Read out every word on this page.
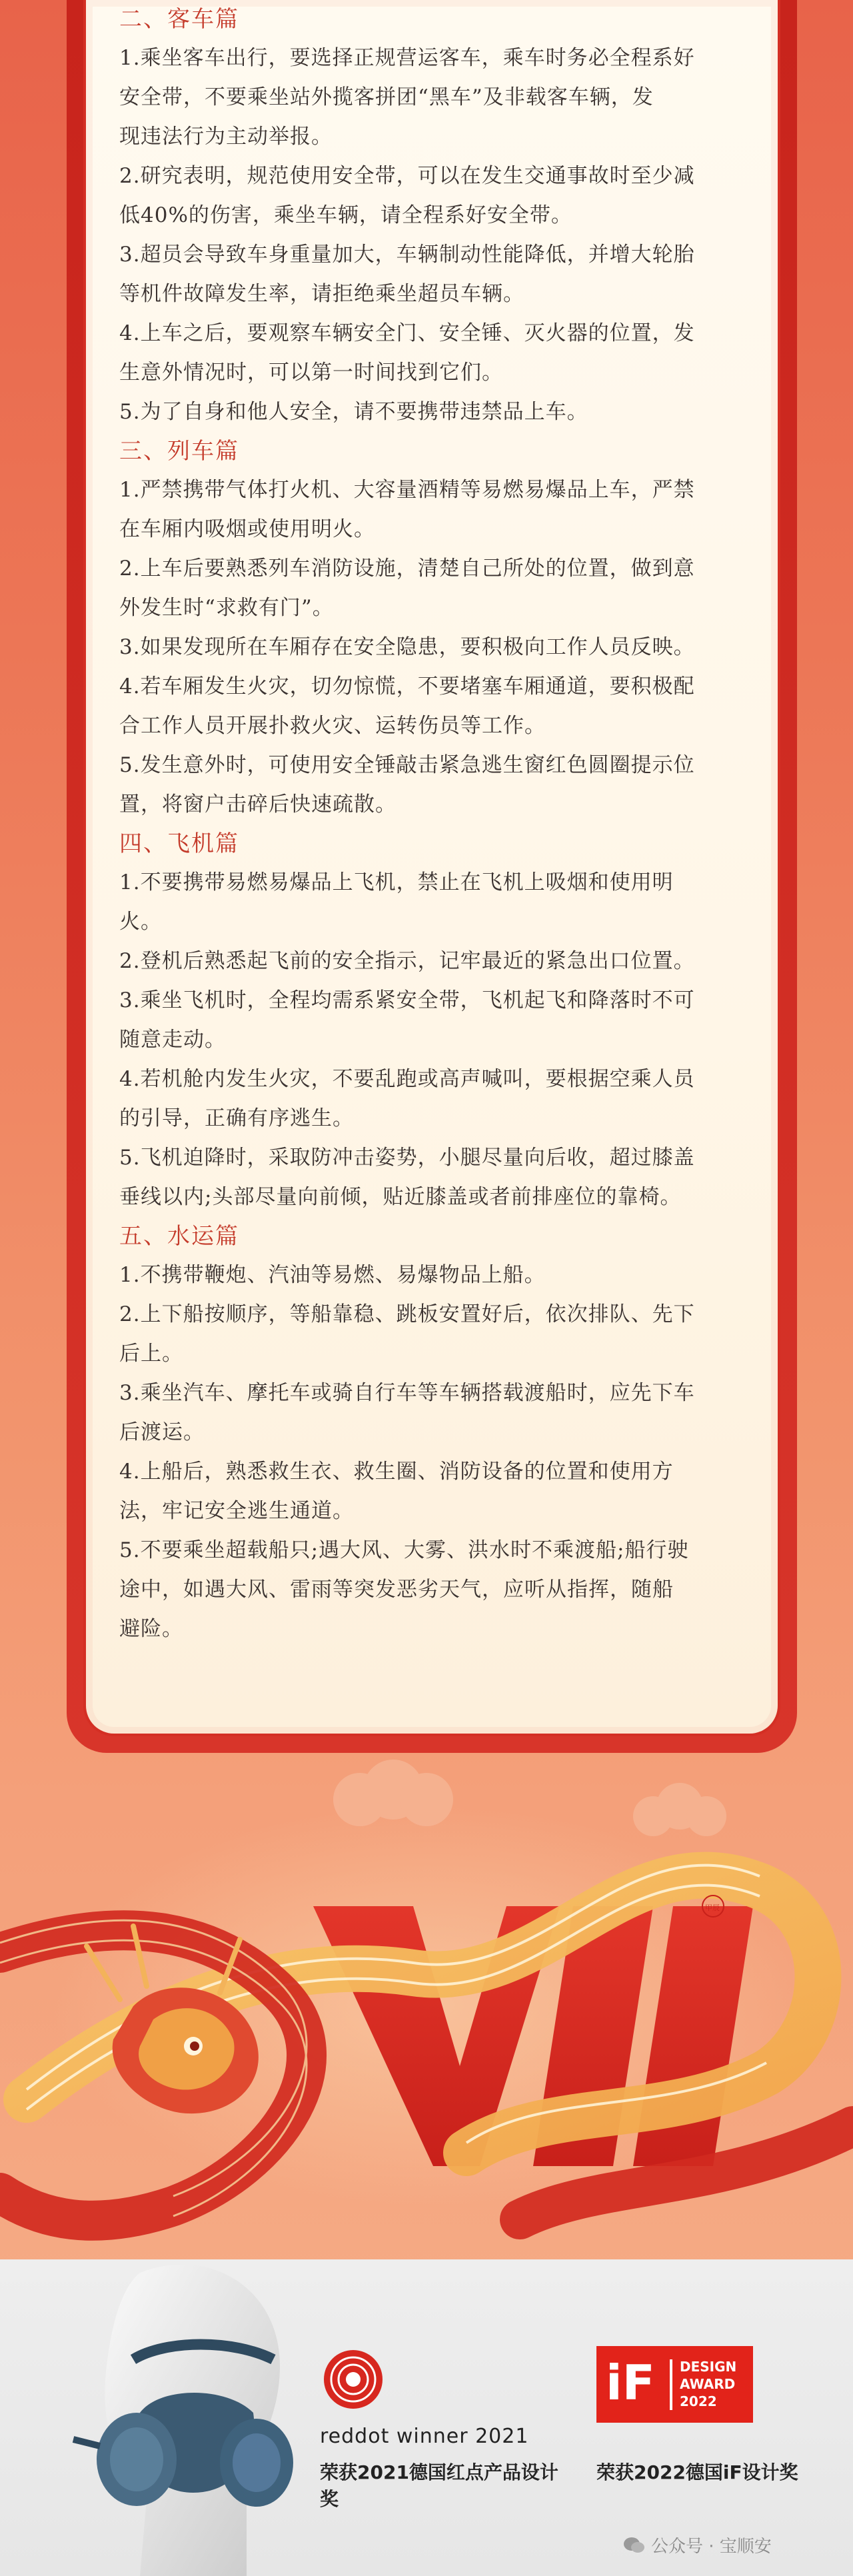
二、客车篇

1.乘坐客车出行，要选择正规营运客车，乘车时务必全程系好

安全带，不要乘坐站外揽客拼团“黑车”及非载客车辆，发

现违法行为主动举报。

2.研究表明，规范使用安全带，可以在发生交通事故时至少减

低40%的伤害，乘坐车辆，请全程系好安全带。

3.超员会导致车身重量加大，车辆制动性能降低，并增大轮胎

等机件故障发生率，请拒绝乘坐超员车辆。

4.上车之后，要观察车辆安全门、安全锤、灭火器的位置，发

生意外情况时，可以第一时间找到它们。

5.为了自身和他人安全，请不要携带违禁品上车。

三、列车篇

1.严禁携带气体打火机、大容量酒精等易燃易爆品上车，严禁

在车厢内吸烟或使用明火。

2.上车后要熟悉列车消防设施，清楚自己所处的位置，做到意

外发生时“求救有门”。

3.如果发现所在车厢存在安全隐患，要积极向工作人员反映。

4.若车厢发生火灾，切勿惊慌，不要堵塞车厢通道，要积极配

合工作人员开展扑救火灾、运转伤员等工作。

5.发生意外时，可使用安全锤敲击紧急逃生窗红色圆圈提示位

置，将窗户击碎后快速疏散。

四、飞机篇

1.不要携带易燃易爆品上飞机，禁止在飞机上吸烟和使用明

火。

2.登机后熟悉起飞前的安全指示，记牢最近的紧急出口位置。

3.乘坐飞机时，全程均需系紧安全带，飞机起飞和降落时不可

随意走动。

4.若机舱内发生火灾，不要乱跑或高声喊叫，要根据空乘人员

的引导，正确有序逃生。

5.飞机迫降时，采取防冲击姿势，小腿尽量向后收，超过膝盖

垂线以内;头部尽量向前倾，贴近膝盖或者前排座位的靠椅。

五、水运篇

1.不携带鞭炮、汽油等易燃、易爆物品上船。

2.上下船按顺序，等船靠稳、跳板安置好后，依次排队、先下

后上。

3.乘坐汽车、摩托车或骑自行车等车辆搭载渡船时，应先下车

后渡运。

4.上船后，熟悉救生衣、救生圈、消防设备的位置和使用方

法，牢记安全逃生通道。

5.不要乘坐超载船只;遇大风、大雾、洪水时不乘渡船;船行驶

途中，如遇大风、雷雨等突发恶劣天气，应听从指挥，随船

避险。

甲辰
reddot winner 2021
荣获2021德国红点产品设计奖
iF DESIGN
AWARD
2022
荣获2022德国iF设计奖
公众号 · 宝顺安
